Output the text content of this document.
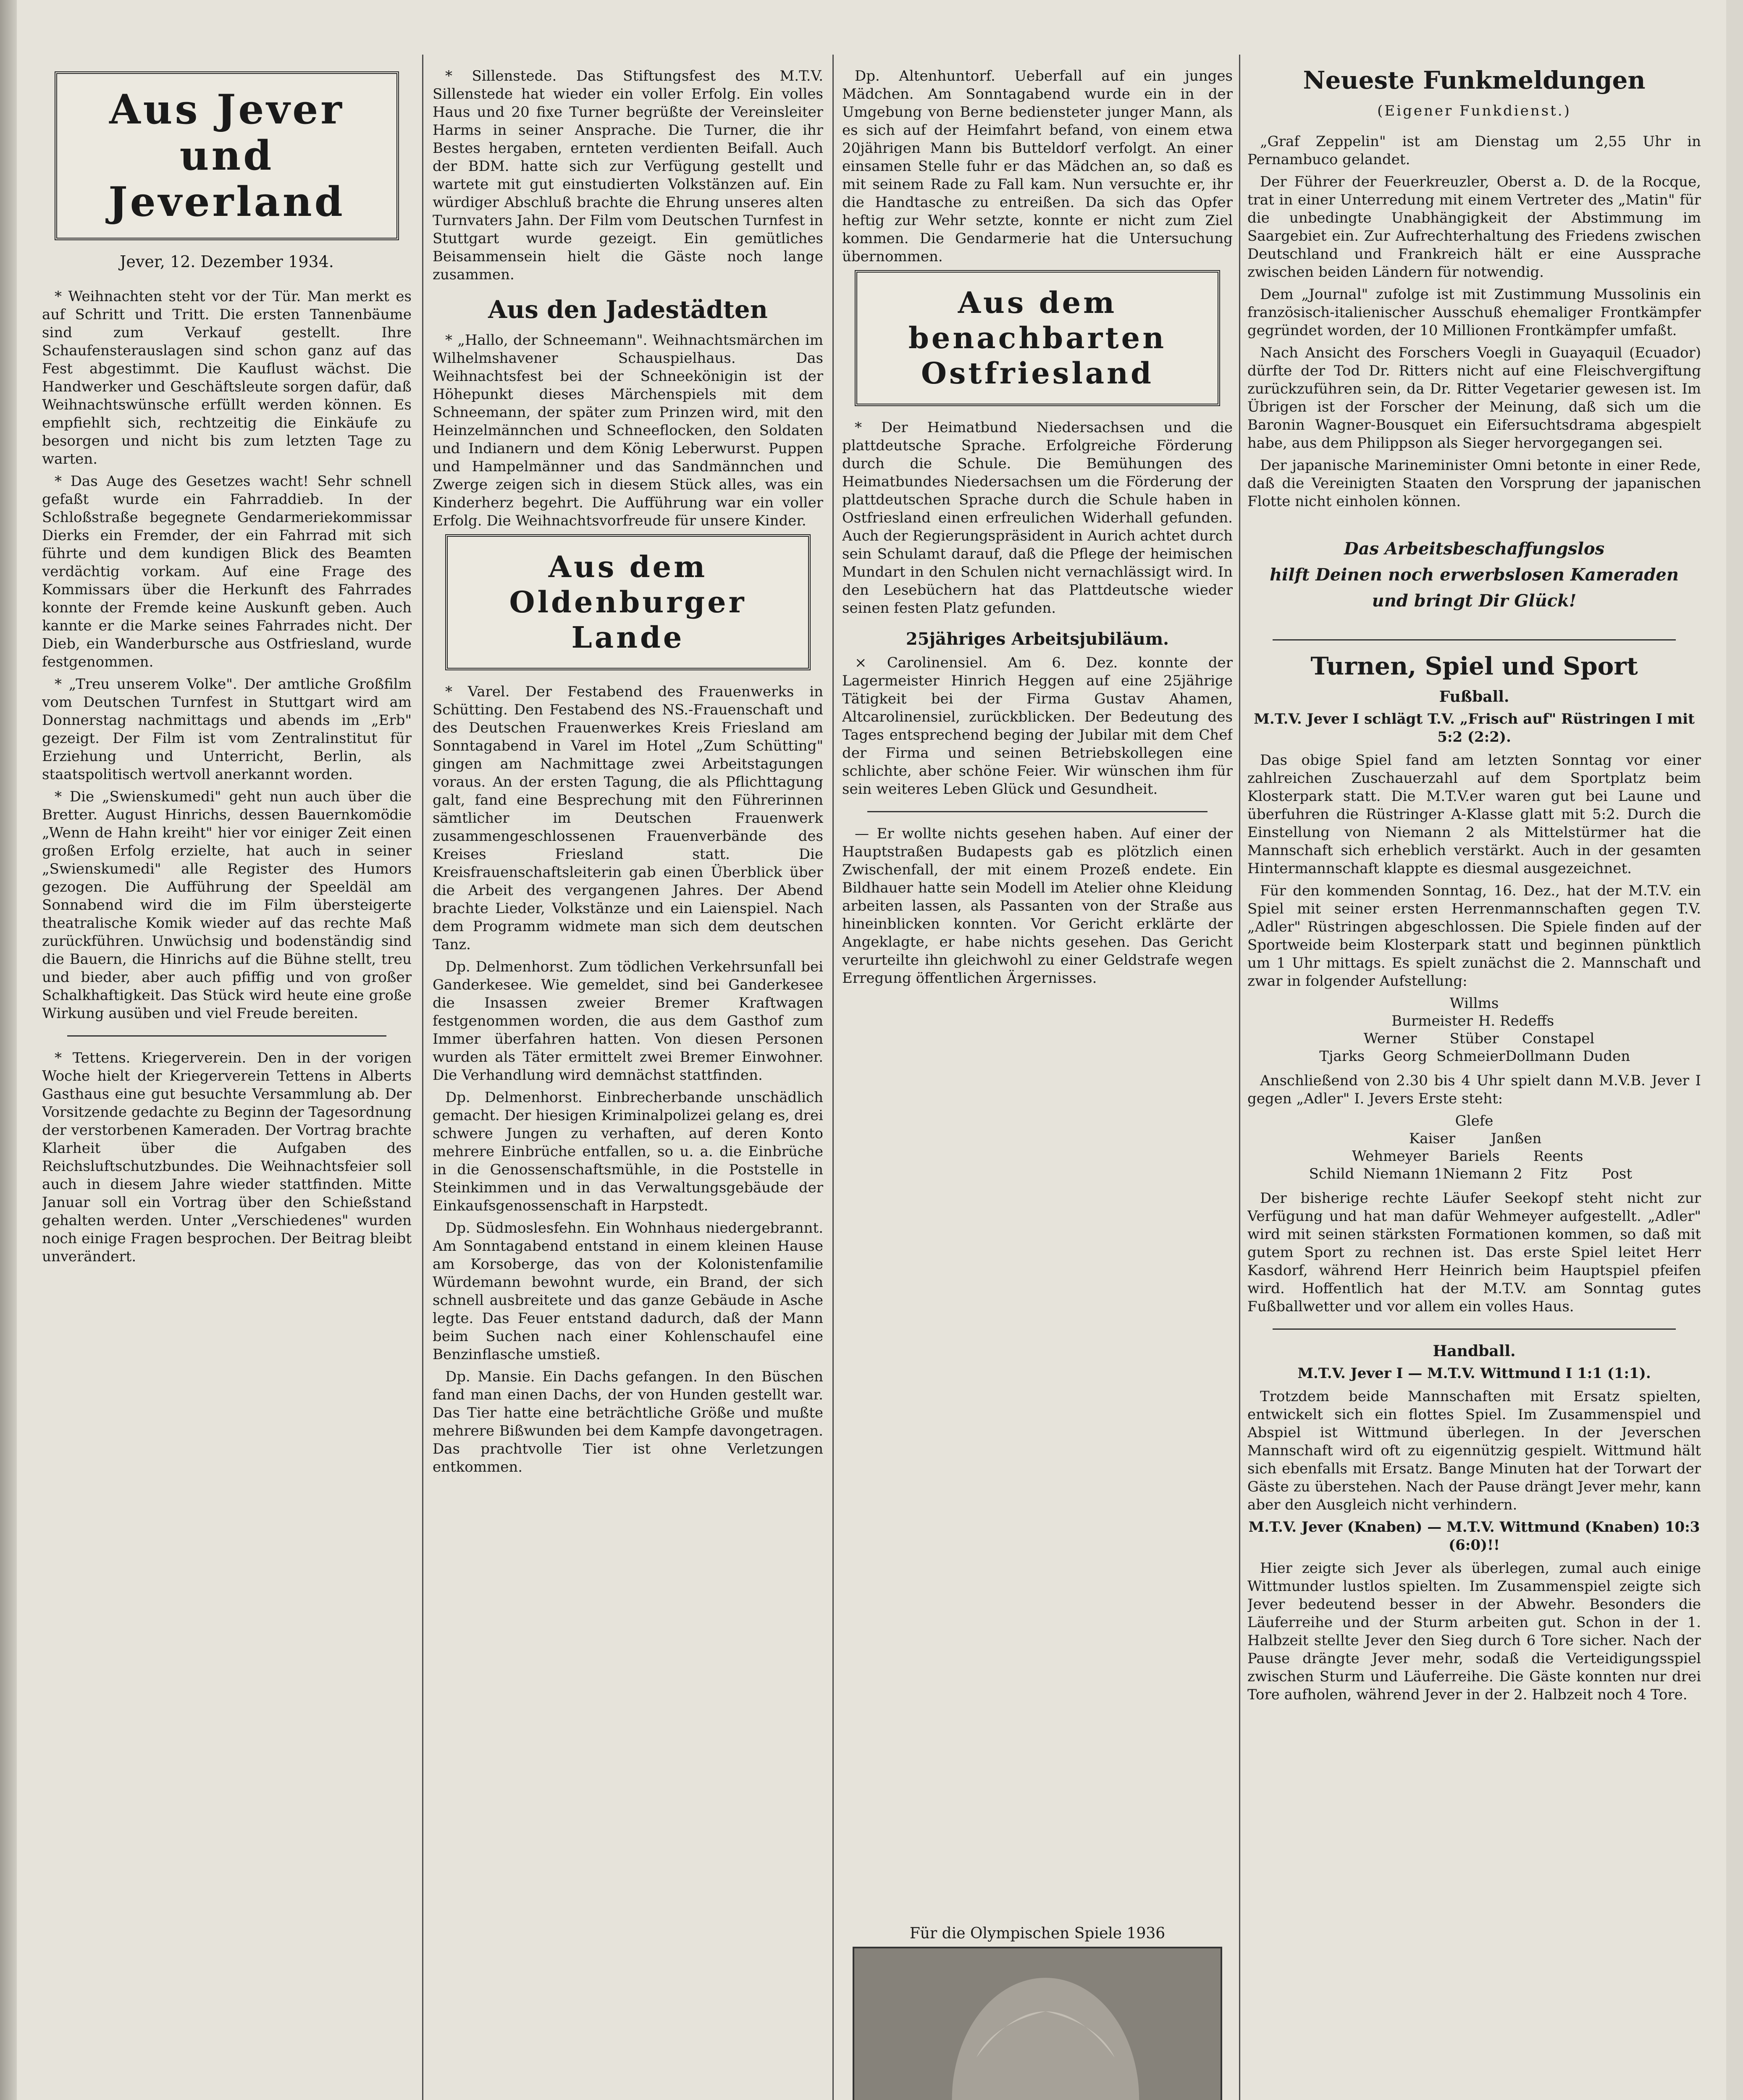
Aus Jever
und Jeverland
Jever, 12. Dezember 1934.

* Weihnachten steht vor der Tür. Man merkt es auf Schritt und Tritt. Die ersten Tannenbäume sind zum Verkauf gestellt. Ihre Schaufensterauslagen sind schon ganz auf das Fest abgestimmt. Die Kauflust wächst. Die Handwerker und Geschäftsleute sorgen dafür, daß Weihnachtswünsche erfüllt werden können. Es empfiehlt sich, rechtzeitig die Einkäufe zu besorgen und nicht bis zum letzten Tage zu warten.

* Das Auge des Gesetzes wacht! Sehr schnell gefaßt wurde ein Fahrraddieb. In der Schloßstraße begegnete Gendarmeriekommissar Dierks ein Fremder, der ein Fahrrad mit sich führte und dem kundigen Blick des Beamten verdächtig vorkam. Auf eine Frage des Kommissars über die Herkunft des Fahrrades konnte der Fremde keine Auskunft geben. Auch kannte er die Marke seines Fahrrades nicht. Der Dieb, ein Wanderbursche aus Ostfriesland, wurde festgenommen.

* „Treu unserem Volke". Der amtliche Großfilm vom Deutschen Turnfest in Stuttgart wird am Donnerstag nachmittags und abends im „Erb" gezeigt. Der Film ist vom Zentralinstitut für Erziehung und Unterricht, Berlin, als staatspolitisch wertvoll anerkannt worden.

* Die „Swienskumedi" geht nun auch über die Bretter. August Hinrichs, dessen Bauernkomödie „Wenn de Hahn kreiht" hier vor einiger Zeit einen großen Erfolg erzielte, hat auch in seiner „Swienskumedi" alle Register des Humors gezogen. Die Aufführung der Speeldäl am Sonnabend wird die im Film übersteigerte theatralische Komik wieder auf das rechte Maß zurückführen. Unwüchsig und bodenständig sind die Bauern, die Hinrichs auf die Bühne stellt, treu und bieder, aber auch pfiffig und von großer Schalkhaftigkeit. Das Stück wird heute eine große Wirkung ausüben und viel Freude bereiten.

* Tettens. Kriegerverein. Den in der vorigen Woche hielt der Kriegerverein Tettens in Alberts Gasthaus eine gut besuchte Versammlung ab. Der Vorsitzende gedachte zu Beginn der Tagesordnung der verstorbenen Kameraden. Der Vortrag brachte Klarheit über die Aufgaben des Reichsluftschutzbundes. Die Weihnachtsfeier soll auch in diesem Jahre wieder stattfinden. Mitte Januar soll ein Vortrag über den Schießstand gehalten werden. Unter „Verschiedenes" wurden noch einige Fragen besprochen. Der Beitrag bleibt unverändert.

* Sillenstede. Das Stiftungsfest des M.T.V. Sillenstede hat wieder ein voller Erfolg. Ein volles Haus und 20 fixe Turner begrüßte der Vereinsleiter Harms in seiner Ansprache. Die Turner, die ihr Bestes hergaben, ernteten verdienten Beifall. Auch der BDM. hatte sich zur Verfügung gestellt und wartete mit gut einstudierten Volkstänzen auf. Ein würdiger Abschluß brachte die Ehrung unseres alten Turnvaters Jahn. Der Film vom Deutschen Turnfest in Stuttgart wurde gezeigt. Ein gemütliches Beisammensein hielt die Gäste noch lange zusammen.

Aus den Jadestädten

* „Hallo, der Schneemann". Weihnachtsmärchen im Wilhelmshavener Schauspielhaus. Das Weihnachtsfest bei der Schneekönigin ist der Höhepunkt dieses Märchenspiels mit dem Schneemann, der später zum Prinzen wird, mit den Heinzelmännchen und Schneeflocken, den Soldaten und Indianern und dem König Leberwurst. Puppen und Hampelmänner und das Sandmännchen und Zwerge zeigen sich in diesem Stück alles, was ein Kinderherz begehrt. Die Aufführung war ein voller Erfolg. Die Weihnachtsvorfreude für unsere Kinder.

Aus dem Oldenburger
Lande

* Varel. Der Festabend des Frauenwerks in Schütting. Den Festabend des NS.-Frauenschaft und des Deutschen Frauenwerkes Kreis Friesland am Sonntagabend in Varel im Hotel „Zum Schütting" gingen am Nachmittage zwei Arbeitstagungen voraus. An der ersten Tagung, die als Pflichttagung galt, fand eine Besprechung mit den Führerinnen sämtlicher im Deutschen Frauenwerk zusammengeschlossenen Frauenverbände des Kreises Friesland statt. Die Kreisfrauenschaftsleiterin gab einen Überblick über die Arbeit des vergangenen Jahres. Der Abend brachte Lieder, Volkstänze und ein Laienspiel. Nach dem Programm widmete man sich dem deutschen Tanz.

Dp. Delmenhorst. Zum tödlichen Verkehrsunfall bei Ganderkesee. Wie gemeldet, sind bei Ganderkesee die Insassen zweier Bremer Kraftwagen festgenommen worden, die aus dem Gasthof zum Immer überfahren hatten. Von diesen Personen wurden als Täter ermittelt zwei Bremer Einwohner. Die Verhandlung wird demnächst stattfinden.

Dp. Delmenhorst. Einbrecherbande unschädlich gemacht. Der hiesigen Kriminalpolizei gelang es, drei schwere Jungen zu verhaften, auf deren Konto mehrere Einbrüche entfallen, so u. a. die Einbrüche in die Genossenschaftsmühle, in die Poststelle in Steinkimmen und in das Verwaltungsgebäude der Einkaufsgenossenschaft in Harpstedt.

Dp. Südmoslesfehn. Ein Wohnhaus niedergebrannt. Am Sonntagabend entstand in einem kleinen Hause am Korsoberge, das von der Kolonistenfamilie Würdemann bewohnt wurde, ein Brand, der sich schnell ausbreitete und das ganze Gebäude in Asche legte. Das Feuer entstand dadurch, daß der Mann beim Suchen nach einer Kohlenschaufel eine Benzinflasche umstieß.

Dp. Mansie. Ein Dachs gefangen. In den Büschen fand man einen Dachs, der von Hunden gestellt war. Das Tier hatte eine beträchtliche Größe und mußte mehrere Bißwunden bei dem Kampfe davongetragen. Das prachtvolle Tier ist ohne Verletzungen entkommen.

Dp. Altenhuntorf. Ueberfall auf ein junges Mädchen. Am Sonntagabend wurde ein in der Umgebung von Berne bediensteter junger Mann, als es sich auf der Heimfahrt befand, von einem etwa 20jährigen Mann bis Butteldorf verfolgt. An einer einsamen Stelle fuhr er das Mädchen an, so daß es mit seinem Rade zu Fall kam. Nun versuchte er, ihr die Handtasche zu entreißen. Da sich das Opfer heftig zur Wehr setzte, konnte er nicht zum Ziel kommen. Die Gendarmerie hat die Untersuchung übernommen.

Aus dem benachbarten
Ostfriesland

* Der Heimatbund Niedersachsen und die plattdeutsche Sprache. Erfolgreiche Förderung durch die Schule. Die Bemühungen des Heimatbundes Niedersachsen um die Förderung der plattdeutschen Sprache durch die Schule haben in Ostfriesland einen erfreulichen Widerhall gefunden. Auch der Regierungspräsident in Aurich achtet durch sein Schulamt darauf, daß die Pflege der heimischen Mundart in den Schulen nicht vernachlässigt wird. In den Lesebüchern hat das Plattdeutsche wieder seinen festen Platz gefunden.

25jähriges Arbeitsjubiläum.

× Carolinensiel. Am 6. Dez. konnte der Lagermeister Hinrich Heggen auf eine 25jährige Tätigkeit bei der Firma Gustav Ahamen, Altcarolinensiel, zurückblicken. Der Bedeutung des Tages entsprechend beging der Jubilar mit dem Chef der Firma und seinen Betriebskollegen eine schlichte, aber schöne Feier. Wir wünschen ihm für sein weiteres Leben Glück und Gesundheit.

— Er wollte nichts gesehen haben. Auf einer der Hauptstraßen Budapests gab es plötzlich einen Zwischenfall, der mit einem Prozeß endete. Ein Bildhauer hatte sein Modell im Atelier ohne Kleidung arbeiten lassen, als Passanten von der Straße aus hineinblicken konnten. Vor Gericht erklärte der Angeklagte, er habe nichts gesehen. Das Gericht verurteilte ihn gleichwohl zu einer Geldstrafe wegen Erregung öffentlichen Ärgernisses.

Für die Olympischen Spiele 1936

Neueste Funkmeldungen
(Eigener Funkdienst.)

„Graf Zeppelin" ist am Dienstag um 2,55 Uhr in Pernambuco gelandet.

Der Führer der Feuerkreuzler, Oberst a. D. de la Rocque, trat in einer Unterredung mit einem Vertreter des „Matin" für die unbedingte Unabhängigkeit der Abstimmung im Saargebiet ein. Zur Aufrechterhaltung des Friedens zwischen Deutschland und Frankreich hält er eine Aussprache zwischen beiden Ländern für notwendig.

Dem „Journal" zufolge ist mit Zustimmung Mussolinis ein französisch-italienischer Ausschuß ehemaliger Frontkämpfer gegründet worden, der 10 Millionen Frontkämpfer umfaßt.

Nach Ansicht des Forschers Voegli in Guayaquil (Ecuador) dürfte der Tod Dr. Ritters nicht auf eine Fleischvergiftung zurückzuführen sein, da Dr. Ritter Vegetarier gewesen ist. Im Übrigen ist der Forscher der Meinung, daß sich um die Baronin Wagner-Bousquet ein Eifersuchtsdrama abgespielt habe, aus dem Philippson als Sieger hervorgegangen sei.

Der japanische Marineminister Omni betonte in einer Rede, daß die Vereinigten Staaten den Vorsprung der japanischen Flotte nicht einholen können.

Das Arbeitsbeschaffungslos
hilft Deinen noch erwerbslosen Kameraden
und bringt Dir Glück!
Turnen, Spiel und Sport
Fußball.
M.T.V. Jever I schlägt T.V. „Frisch auf" Rüstringen I mit 5:2 (2:2).

Das obige Spiel fand am letzten Sonntag vor einer zahlreichen Zuschauerzahl auf dem Sportplatz beim Klosterpark statt. Die M.T.V.er waren gut bei Laune und überfuhren die Rüstringer A-Klasse glatt mit 5:2. Durch die Einstellung von Niemann 2 als Mittelstürmer hat die Mannschaft sich erheblich verstärkt. Auch in der gesamten Hintermannschaft klappte es diesmal ausgezeichnet.

Für den kommenden Sonntag, 16. Dez., hat der M.T.V. ein Spiel mit seiner ersten Herrenmannschaften gegen T.V. „Adler" Rüstringen abgeschlossen. Die Spiele finden auf der Sportweide beim Klosterpark statt und beginnen pünktlich um 1 Uhr mittags. Es spielt zunächst die 2. Mannschaft und zwar in folgender Aufstellung:

Willms
Burmeister H. Redeffs
Werner Stüber Constapel
Tjarks Georg SchmeierDollmann Duden

Anschließend von 2.30 bis 4 Uhr spielt dann M.V.B. Jever I gegen „Adler" I. Jevers Erste steht:

Glefe
Kaiser Janßen
Wehmeyer Bariels Reents
Schild Niemann 1Niemann 2 Fitz Post

Der bisherige rechte Läufer Seekopf steht nicht zur Verfügung und hat man dafür Wehmeyer aufgestellt. „Adler" wird mit seinen stärksten Formationen kommen, so daß mit gutem Sport zu rechnen ist. Das erste Spiel leitet Herr Kasdorf, während Herr Heinrich beim Hauptspiel pfeifen wird. Hoffentlich hat der M.T.V. am Sonntag gutes Fußballwetter und vor allem ein volles Haus.

Handball.
M.T.V. Jever I — M.T.V. Wittmund I 1:1 (1:1).

Trotzdem beide Mannschaften mit Ersatz spielten, entwickelt sich ein flottes Spiel. Im Zusammenspiel und Abspiel ist Wittmund überlegen. In der Jeverschen Mannschaft wird oft zu eigennützig gespielt. Wittmund hält sich ebenfalls mit Ersatz. Bange Minuten hat der Torwart der Gäste zu überstehen. Nach der Pause drängt Jever mehr, kann aber den Ausgleich nicht verhindern.

M.T.V. Jever (Knaben) — M.T.V. Wittmund (Knaben) 10:3 (6:0)!!

Hier zeigte sich Jever als überlegen, zumal auch einige Wittmunder lustlos spielten. Im Zusammenspiel zeigte sich Jever bedeutend besser in der Abwehr. Besonders die Läuferreihe und der Sturm arbeiten gut. Schon in der 1. Halbzeit stellte Jever den Sieg durch 6 Tore sicher. Nach der Pause drängte Jever mehr, sodaß die Verteidigungsspiel zwischen Sturm und Läuferreihe. Die Gäste konnten nur drei Tore aufholen, während Jever in der 2. Halbzeit noch 4 Tore.
